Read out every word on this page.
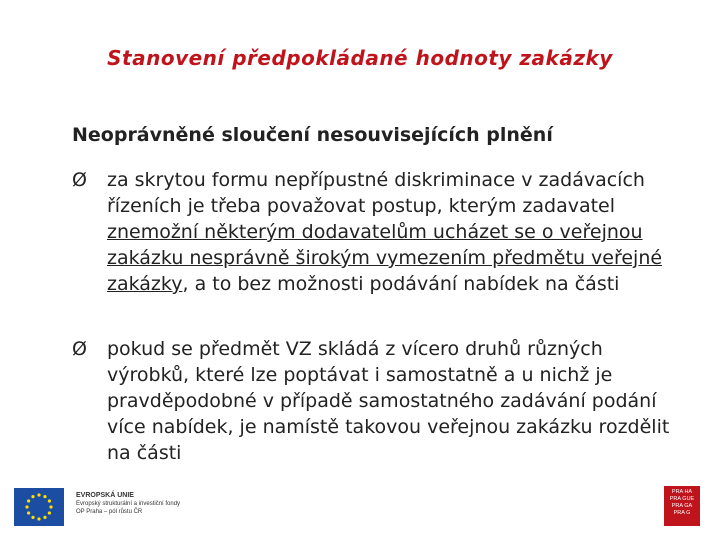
Stanovení předpokládané hodnoty zakázky
Neoprávněné sloučení nesouvisejících plnění
Ø	za skrytou formu nepřípustné diskriminace v zadávacích řízeních je třeba považovat postup, kterým zadavatel znemožní některým dodavatelům ucházet se o veřejnou zakázku nesprávně širokým vymezením předmětu veřejné zakázky, a to bez možnosti podávání nabídek na části
Ø	pokud se předmět VZ skládá z vícero druhů různých výrobků, které lze poptávat i samostatně a u nichž je pravděpodobné v případě samostatného zadávání podání více nabídek, je namístě takovou veřejnou zakázku rozdělit na části
EVROPSKÁ UNIE
Evropský strukturální a investiční fondy
OP Praha – pól růstu ČR
PRA HA
PRA GUE
PRA GA
PRA G
